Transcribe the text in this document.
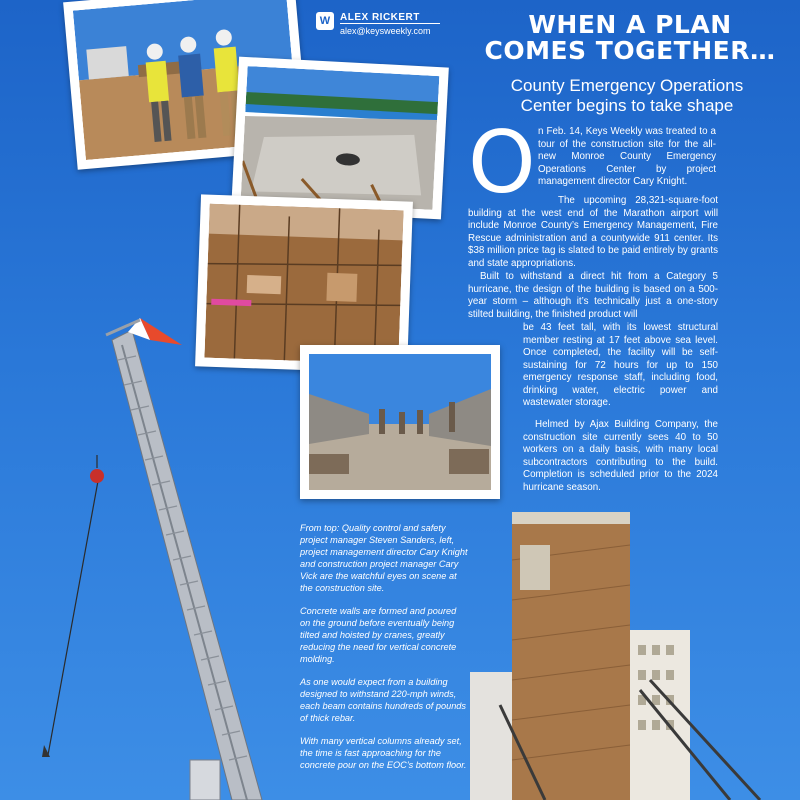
W ALEX RICKERT
alex@keysweekly.com	WHEN A PLAN
COMES TOGETHER…
County Emergency Operations
Center begins to take shape
O n Feb. 14, Keys Weekly was treated to a tour of the construction site for the all-new Monroe County Emergency Operations Center by project management director Cary Knight.
The upcoming 28,321-square-foot building at the west end of the Marathon airport will include Monroe County’s Emergency Management, Fire Rescue administration and a countywide 911 center. Its $38 million price tag is slated to be paid entirely by grants and state appropriations.
Built to withstand a direct hit from a Category 5 hurricane, the design of the building is based on a 500-year storm – although it’s technically just a one-story stilted building, the finished product will
be 43 feet tall, with its lowest structural member resting at 17 feet above sea level. Once completed, the facility will be self-sustaining for 72 hours for up to 150 emergency response staff, including food, drinking water, electric power and wastewater storage.
Helmed by Ajax Building Company, the construction site currently sees 40 to 50 workers on a daily basis, with many local subcontractors contributing to the build. Completion is scheduled prior to the 2024 hurricane season.

From top: Quality control and safety project manager Steven Sanders, left, project management director Cary Knight and construction project manager Cary Vick are the watchful eyes on scene at the construction site.

Concrete walls are formed and poured on the ground before eventually being tilted and hoisted by cranes, greatly reducing the need for vertical concrete molding.

As one would expect from a building designed to withstand 220-mph winds, each beam contains hundreds of pounds of thick rebar.

With many vertical columns already set, the time is fast approaching for the concrete pour on the EOC’s bottom floor.
